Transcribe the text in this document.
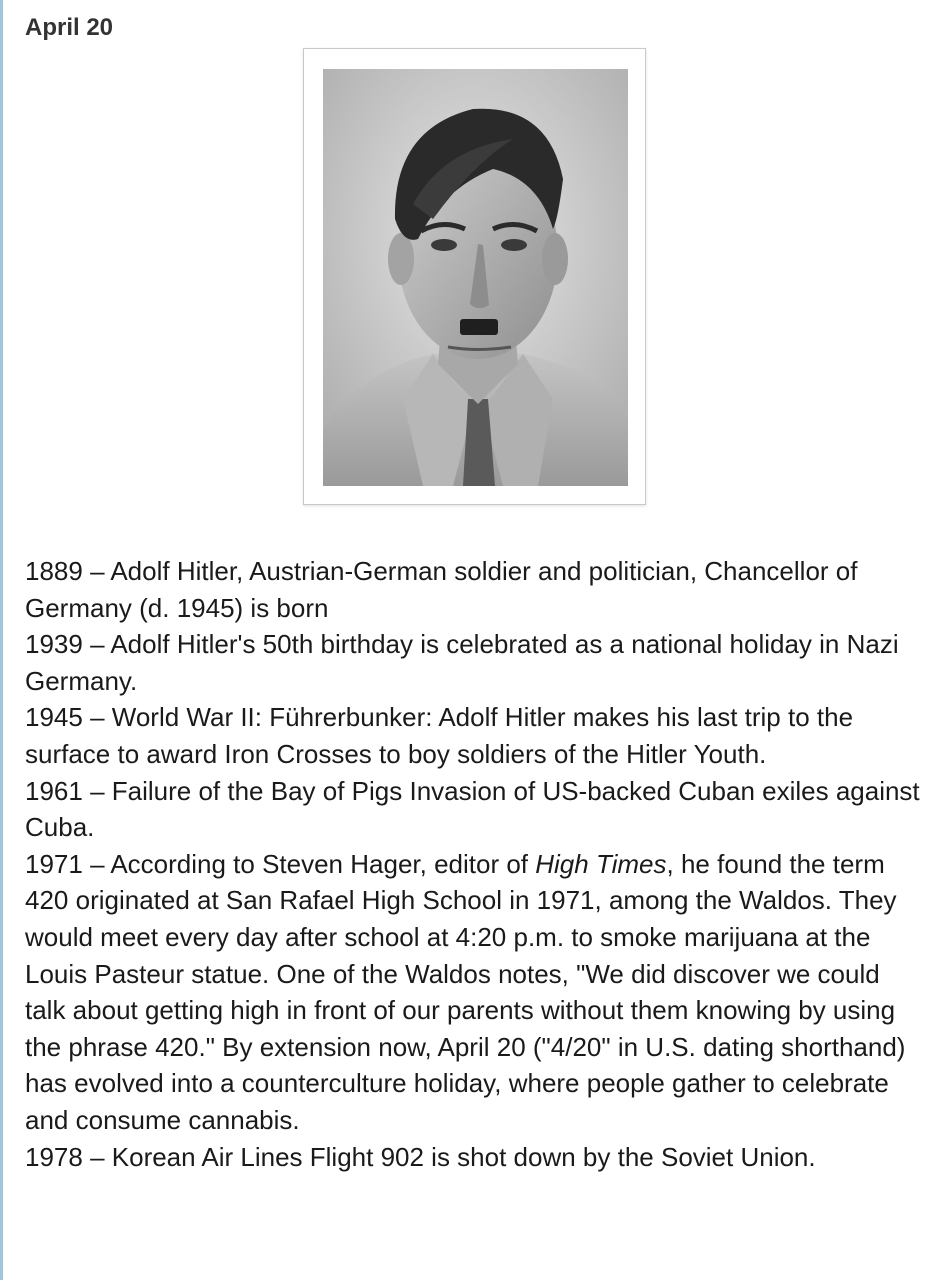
April 20
1889 – Adolf Hitler, Austrian-German soldier and politician, Chancellor of Germany (d. 1945) is born
1939 – Adolf Hitler's 50th birthday is celebrated as a national holiday in Nazi Germany.
1945 – World War II: Führerbunker: Adolf Hitler makes his last trip to the surface to award Iron Crosses to boy soldiers of the Hitler Youth.
1961 – Failure of the Bay of Pigs Invasion of US-backed Cuban exiles against Cuba.
1971 – According to Steven Hager, editor of High Times, he found the term 420 originated at San Rafael High School in 1971, among the Waldos. They would meet every day after school at 4:20 p.m. to smoke marijuana at the Louis Pasteur statue. One of the Waldos notes, "We did discover we could talk about getting high in front of our parents without them knowing by using the phrase 420." By extension now, April 20 ("4/20" in U.S. dating shorthand) has evolved into a counterculture holiday, where people gather to celebrate and consume cannabis.
1978 – Korean Air Lines Flight 902 is shot down by the Soviet Union.
